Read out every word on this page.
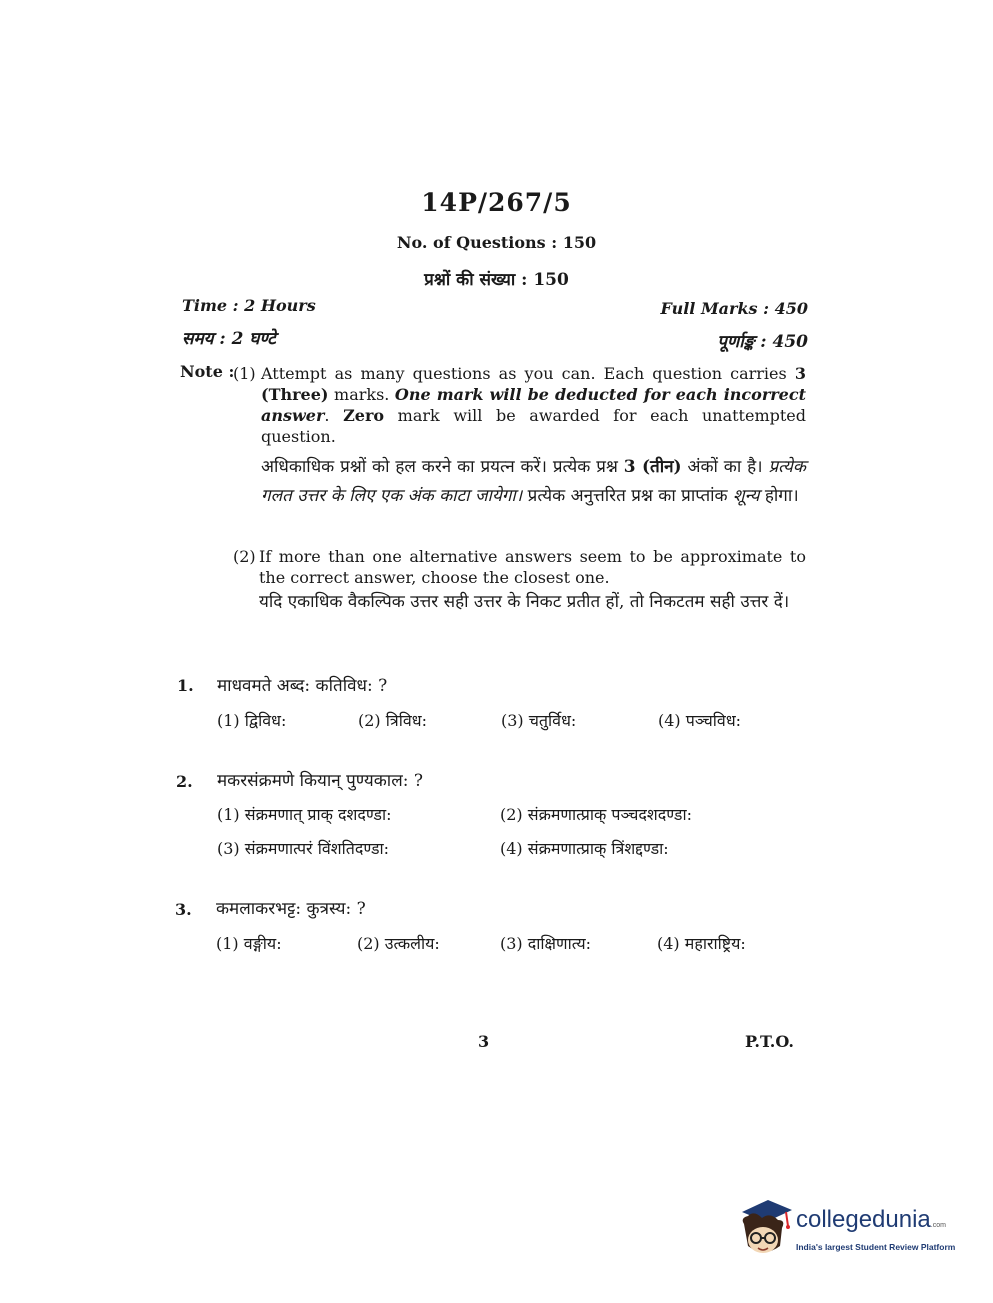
14P/267/5
No. of Questions : 150
प्रश्नों की संख्या : 150
Time : 2 Hours
समय : 2 घण्टे
Full Marks : 450
पूर्णाङ्क : 450
Note :
(1) Attempt as many questions as you can. Each question carries 3 (Three) marks. One mark will be deducted for each incorrect answer. Zero mark will be awarded for each unattempted question.
अधिकाधिक प्रश्नों को हल करने का प्रयत्न करें। प्रत्येक प्रश्न 3 (तीन) अंकों का है। प्रत्येक गलत उत्तर के लिए एक अंक काटा जायेगा। प्रत्येक अनुत्तरित प्रश्न का प्राप्तांक शून्य होगा।
(2) If more than one alternative answers seem to be approximate to the correct answer, choose the closest one.
यदि एकाधिक वैकल्पिक उत्तर सही उत्तर के निकट प्रतीत हों, तो निकटतम सही उत्तर दें।
1. माधवमते अब्द: कतिविध: ?
(1) द्विविध:	(2) त्रिविध:	(3) चतुर्विध:	(4) पञ्चविध:
2. मकरसंक्रमणे कियान् पुण्यकाल: ?
(1) संक्रमणात् प्राक् दशदण्डा:	(2) संक्रमणात्प्राक् पञ्चदशदण्डा:
(3) संक्रमणात्परं विंशतिदण्डा:	(4) संक्रमणात्प्राक् त्रिंशद्दण्डा:
3. कमलाकरभट्ट: कुत्रस्य: ?
(1) वङ्गीय:	(2) उत्कलीय:	(3) दाक्षिणात्य:	(4) महाराष्ट्रिय:
3	P.T.O.
collegedunia.com
India's largest Student Review Platform
